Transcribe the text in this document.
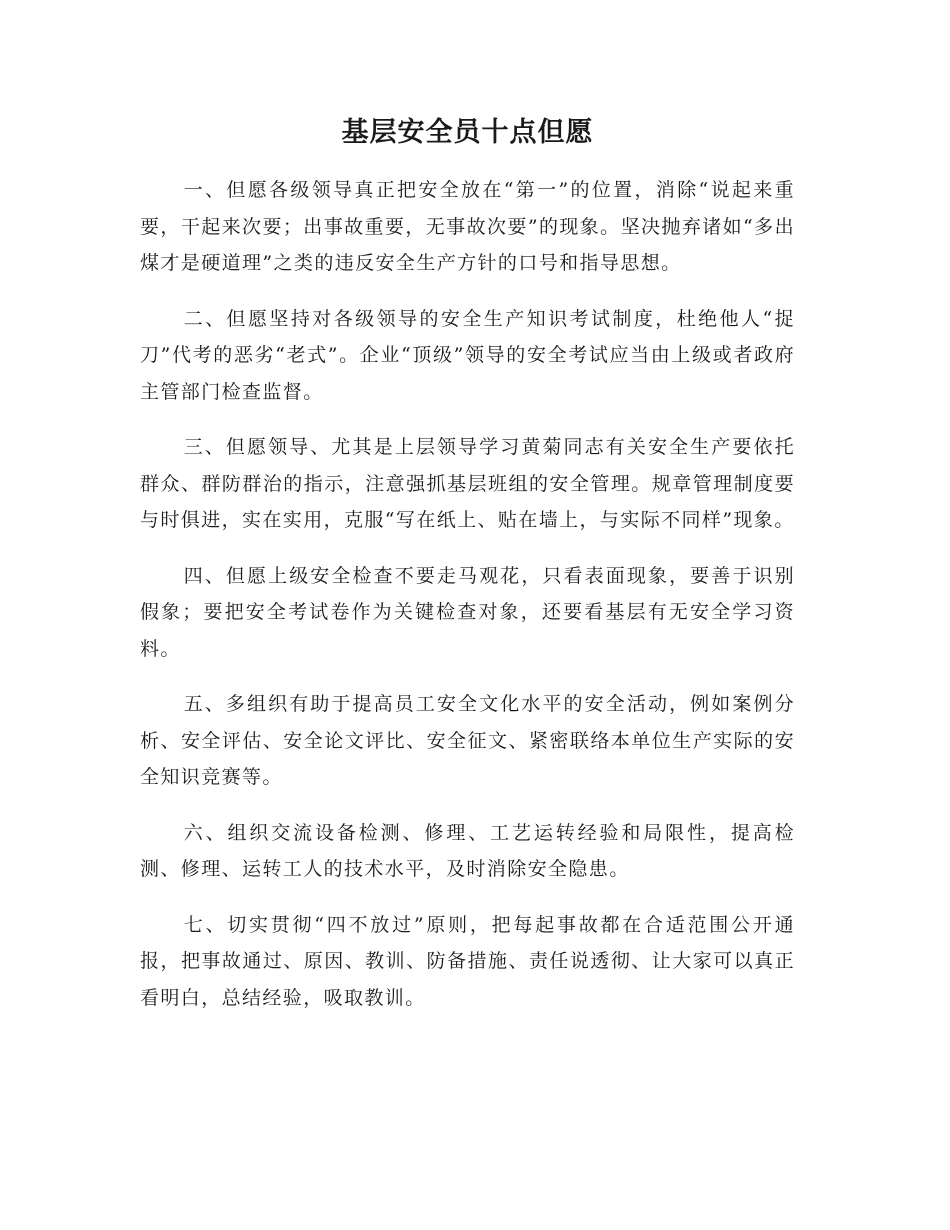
基层安全员十点但愿

一、但愿各级领导真正把安全放在“第一”的位置，消除“说起来重要，干起来次要；出事故重要，无事故次要”的现象。坚决抛弃诸如“多出煤才是硬道理”之类的违反安全生产方针的口号和指导思想。

二、但愿坚持对各级领导的安全生产知识考试制度，杜绝他人“捉刀”代考的恶劣“老式”。企业“顶级”领导的安全考试应当由上级或者政府主管部门检查监督。

三、但愿领导、尤其是上层领导学习黄菊同志有关安全生产要依托群众、群防群治的指示，注意强抓基层班组的安全管理。规章管理制度要与时俱进，实在实用，克服“写在纸上、贴在墙上，与实际不同样”现象。

四、但愿上级安全检查不要走马观花，只看表面现象，要善于识别假象；要把安全考试卷作为关键检查对象，还要看基层有无安全学习资料。

五、多组织有助于提高员工安全文化水平的安全活动，例如案例分析、安全评估、安全论文评比、安全征文、紧密联络本单位生产实际的安全知识竞赛等。

六、组织交流设备检测、修理、工艺运转经验和局限性，提高检测、修理、运转工人的技术水平，及时消除安全隐患。

七、切实贯彻“四不放过”原则，把每起事故都在合适范围公开通报，把事故通过、原因、教训、防备措施、责任说透彻、让大家可以真正看明白，总结经验，吸取教训。
